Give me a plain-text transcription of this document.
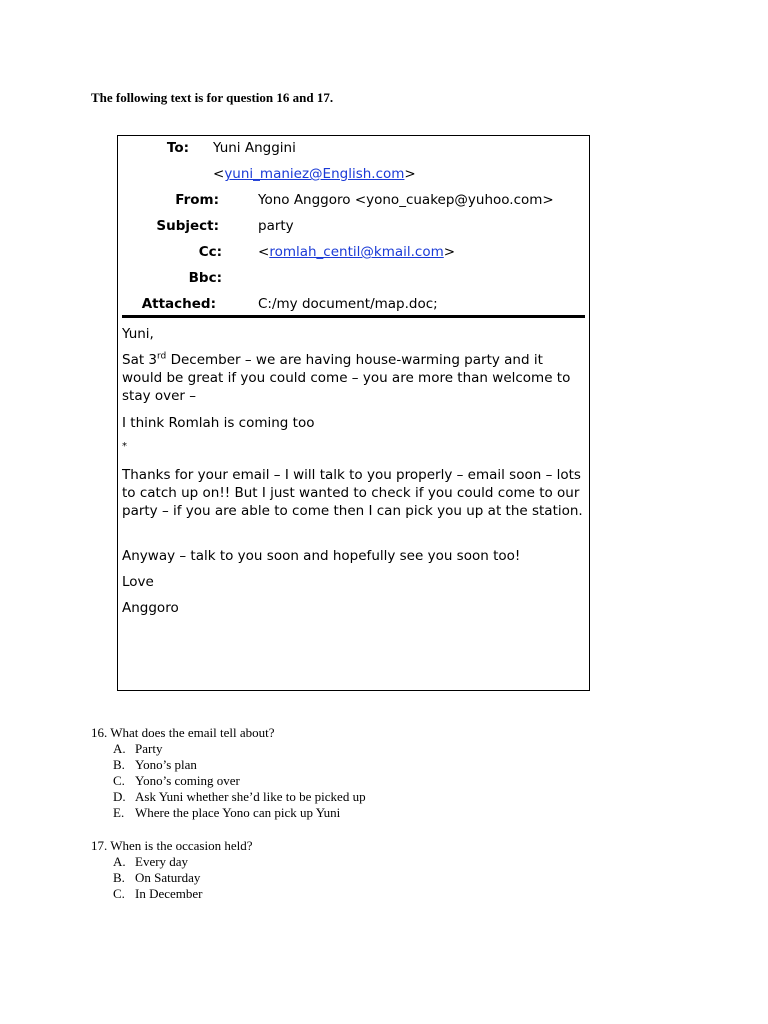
The following text is for question 16 and 17.
To: Yuni Anggini
<yuni_maniez@English.com>
From:	Yono Anggoro <yono_cuakep@yuhoo.com>
Subject:	party
Cc:	<romlah_centil@kmail.com>
Bbc:
Attached:	C:/my document/map.doc;
Yuni,
Sat 3rd December – we are having house-warming party and it would be great if you could come – you are more than welcome to stay over –
I think Romlah is coming too
*
Thanks for your email – I will talk to you properly – email soon – lots to catch up on!! But I just wanted to check if you could come to our party – if you are able to come then I can pick you up at the station.
Anyway – talk to you soon and hopefully see you soon too!
Love
Anggoro

16. What does the email tell about?

A. Party
B. Yono’s plan
C. Yono’s coming over
D. Ask Yuni whether she’d like to be picked up
E. Where the place Yono can pick up Yuni

17. When is the occasion held?

A. Every day
B. On Saturday
C. In December
